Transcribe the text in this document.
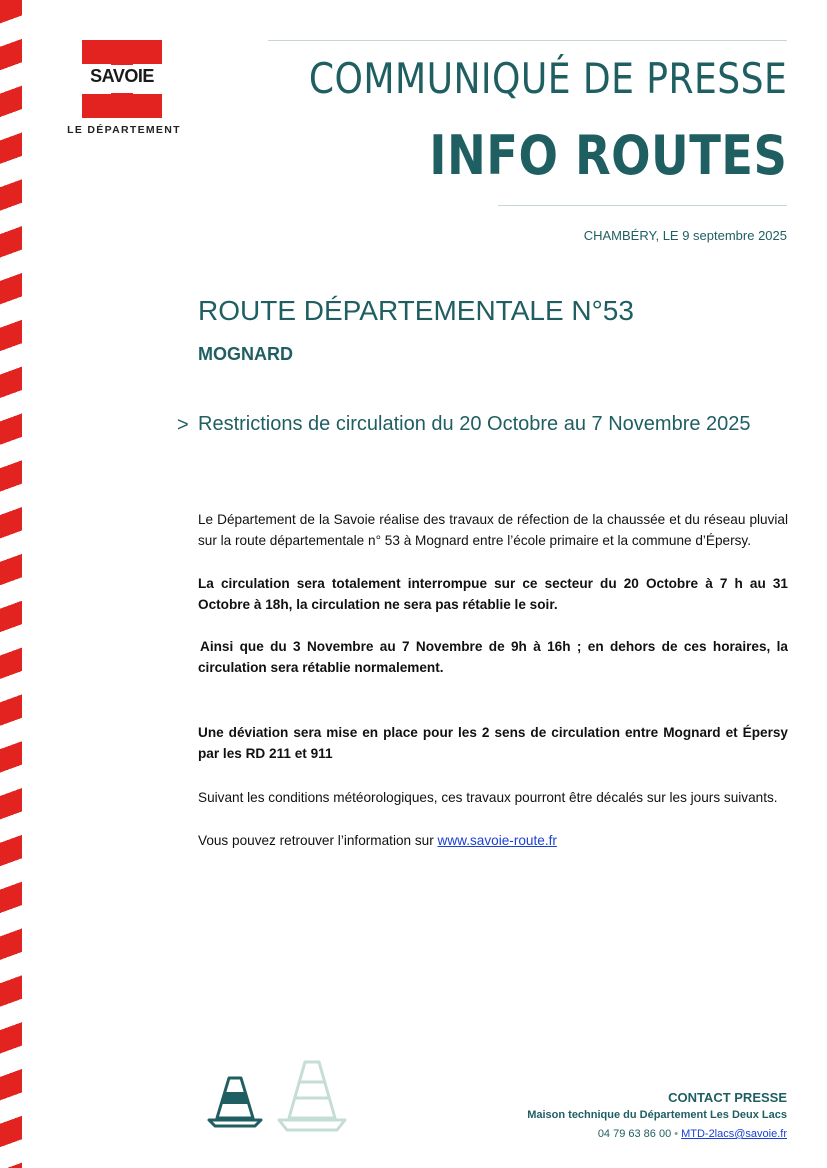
SAVOIE
LE DÉPARTEMENT
COMMUNIQUÉ DE PRESSE
INFO ROUTES
CHAMBÉRY, LE 9 septembre 2025
ROUTE DÉPARTEMENTALE N°53
MOGNARD
> Restrictions de circulation du 20 Octobre au 7 Novembre 2025
Le Département de la Savoie réalise des travaux de réfection de la chaussée et du réseau pluvial sur la route départementale n° 53 à Mognard entre l’école primaire et la commune d’Épersy.
La circulation sera totalement interrompue sur ce secteur du 20 Octobre à 7 h au 31 Octobre à 18h, la circulation ne sera pas rétablie le soir.
Ainsi que du 3 Novembre au 7 Novembre de 9h à 16h ; en dehors de ces horaires, la circulation sera rétablie normalement.
Une déviation sera mise en place pour les 2 sens de circulation entre Mognard et Épersy par les RD 211 et 911
Suivant les conditions météorologiques, ces travaux pourront être décalés sur les jours suivants.
Vous pouvez retrouver l’information sur www.savoie-route.fr
CONTACT PRESSE
Maison technique du Département Les Deux Lacs
04 79 63 86 00 • MTD-2lacs@savoie.fr
